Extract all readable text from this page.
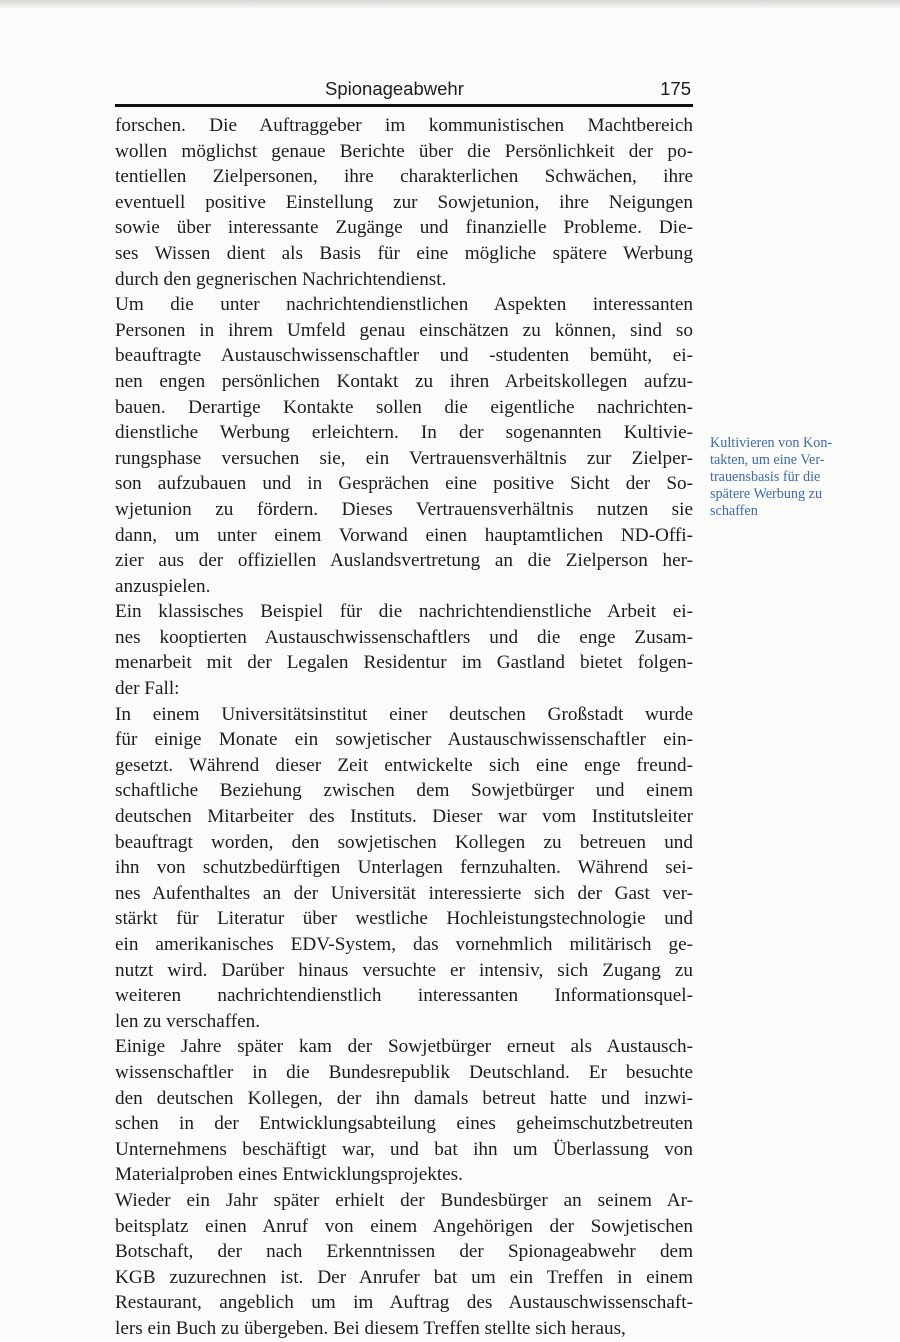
Spionageabwehr	175
forschen. Die Auftraggeber im kommunistischen Machtbereich
wollen möglichst genaue Berichte über die Persönlichkeit der po-
tentiellen Zielpersonen, ihre charakterlichen Schwächen, ihre
eventuell positive Einstellung zur Sowjetunion, ihre Neigungen
sowie über interessante Zugänge und finanzielle Probleme. Die-
ses Wissen dient als Basis für eine mögliche spätere Werbung
durch den gegnerischen Nachrichtendienst.
Um die unter nachrichtendienstlichen Aspekten interessanten
Personen in ihrem Umfeld genau einschätzen zu können, sind so
beauftragte Austauschwissenschaftler und -studenten bemüht, ei-
nen engen persönlichen Kontakt zu ihren Arbeitskollegen aufzu-
bauen. Derartige Kontakte sollen die eigentliche nachrichten-
dienstliche Werbung erleichtern. In der sogenannten Kultivie-
rungsphase versuchen sie, ein Vertrauensverhältnis zur Zielper-
son aufzubauen und in Gesprächen eine positive Sicht der So-
wjetunion zu fördern. Dieses Vertrauensverhältnis nutzen sie
dann, um unter einem Vorwand einen hauptamtlichen ND-Offi-
zier aus der offiziellen Auslandsvertretung an die Zielperson her-
anzuspielen.
Ein klassisches Beispiel für die nachrichtendienstliche Arbeit ei-
nes kooptierten Austauschwissenschaftlers und die enge Zusam-
menarbeit mit der Legalen Residentur im Gastland bietet folgen-
der Fall:
In einem Universitätsinstitut einer deutschen Großstadt wurde
für einige Monate ein sowjetischer Austauschwissenschaftler ein-
gesetzt. Während dieser Zeit entwickelte sich eine enge freund-
schaftliche Beziehung zwischen dem Sowjetbürger und einem
deutschen Mitarbeiter des Instituts. Dieser war vom Institutsleiter
beauftragt worden, den sowjetischen Kollegen zu betreuen und
ihn von schutzbedürftigen Unterlagen fernzuhalten. Während sei-
nes Aufenthaltes an der Universität interessierte sich der Gast ver-
stärkt für Literatur über westliche Hochleistungstechnologie und
ein amerikanisches EDV-System, das vornehmlich militärisch ge-
nutzt wird. Darüber hinaus versuchte er intensiv, sich Zugang zu
weiteren nachrichtendienstlich interessanten Informationsquel-
len zu verschaffen.
Einige Jahre später kam der Sowjetbürger erneut als Austausch-
wissenschaftler in die Bundesrepublik Deutschland. Er besuchte
den deutschen Kollegen, der ihn damals betreut hatte und inzwi-
schen in der Entwicklungsabteilung eines geheimschutzbetreuten
Unternehmens beschäftigt war, und bat ihn um Überlassung von
Materialproben eines Entwicklungsprojektes.
Wieder ein Jahr später erhielt der Bundesbürger an seinem Ar-
beitsplatz einen Anruf von einem Angehörigen der Sowjetischen
Botschaft, der nach Erkenntnissen der Spionageabwehr dem
KGB zuzurechnen ist. Der Anrufer bat um ein Treffen in einem
Restaurant, angeblich um im Auftrag des Austauschwissenschaft-
lers ein Buch zu übergeben. Bei diesem Treffen stellte sich heraus,
Kultivieren von Kon-
takten, um eine Ver-
trauensbasis für die
spätere Werbung zu
schaffen
